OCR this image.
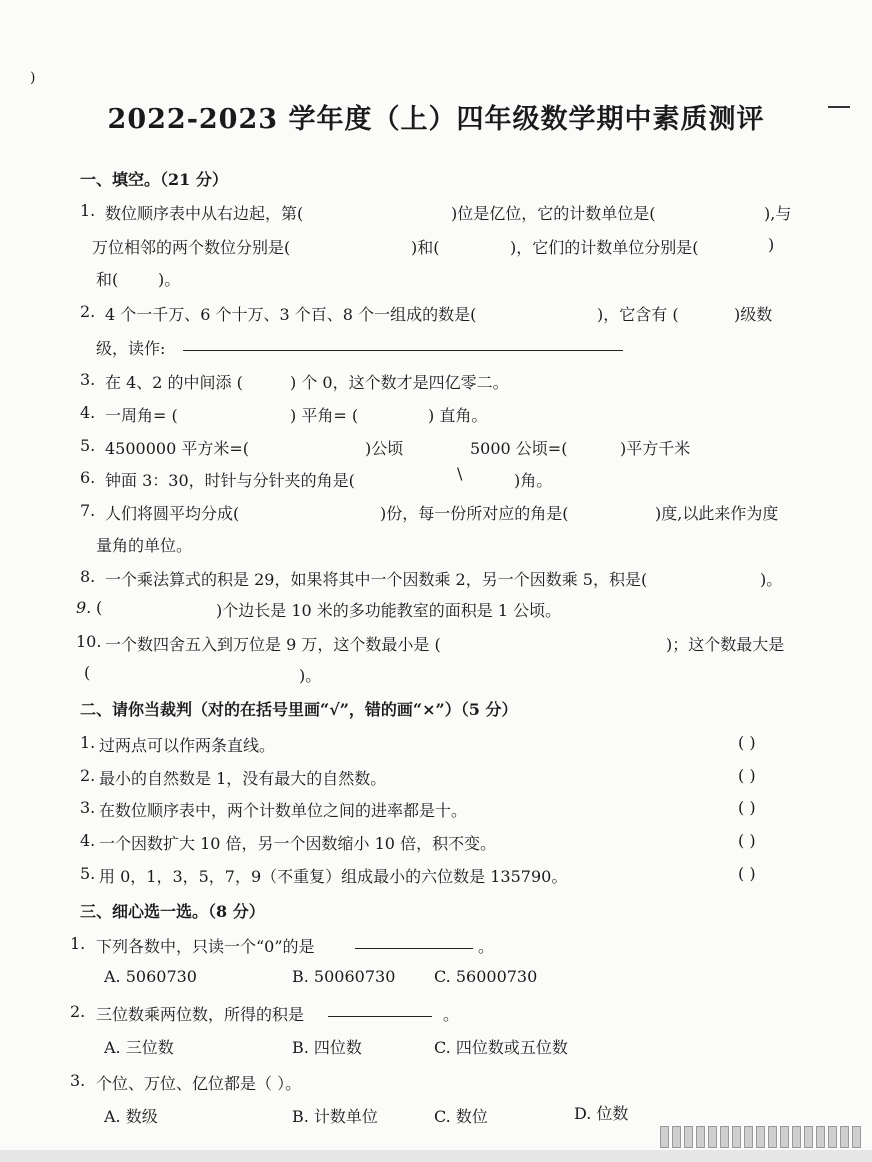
)
2022-2023 学年度（上）四年级数学期中素质测评
一、填空。（21 分）
1. 数位顺序表中从右边起，第(	)位是亿位，它的计数单位是(	),与
万位相邻的两个数位分别是(	)和(	)，它们的计数单位分别是(	)
和( )。
2. 4 个一千万、6 个十万、3 个百、8 个一组成的数是(	)，它含有 (	)级数
级，读作:
3. 在 4、2 的中间添 (	) 个 0，这个数才是四亿零二。
4. 一周角= (	) 平角= (	) 直角。
5. 4500000 平方米=(	)公顷	5000 公顷=(	)平方千米
6. 钟面 3：30，时针与分针夹的角是(	\	)角。
7. 人们将圆平均分成(	)份，每一份所对应的角是(	)度,以此来作为度
量角的单位。
8. 一个乘法算式的积是 29，如果将其中一个因数乘 2，另一个因数乘 5，积是(	)。
9. (	)个边长是 10 米的多功能教室的面积是 1 公顷。
10. 一个数四舍五入到万位是 9 万，这个数最小是 (	)；这个数最大是
(	)。
二、请你当裁判（对的在括号里画“√”，错的画“×”）（5 分）
1. 过两点可以作两条直线。	( )
2. 最小的自然数是 1，没有最大的自然数。	( )
3. 在数位顺序表中，两个计数单位之间的进率都是十。	( )
4. 一个因数扩大 10 倍，另一个因数缩小 10 倍，积不变。	( )
5. 用 0，1，3，5，7，9（不重复）组成最小的六位数是 135790。	( )
三、细心选一选。（8 分）
1. 下列各数中，只读一个“0”的是	。
A. 5060730	B. 50060730 C. 56000730
2. 三位数乘两位数，所得的积是	。
A. 三位数	B. 四位数	C. 四位数或五位数
3. 个位、万位、亿位都是（ ）。
A. 数级	B. 计数单位	C. 数位	D. 位数
